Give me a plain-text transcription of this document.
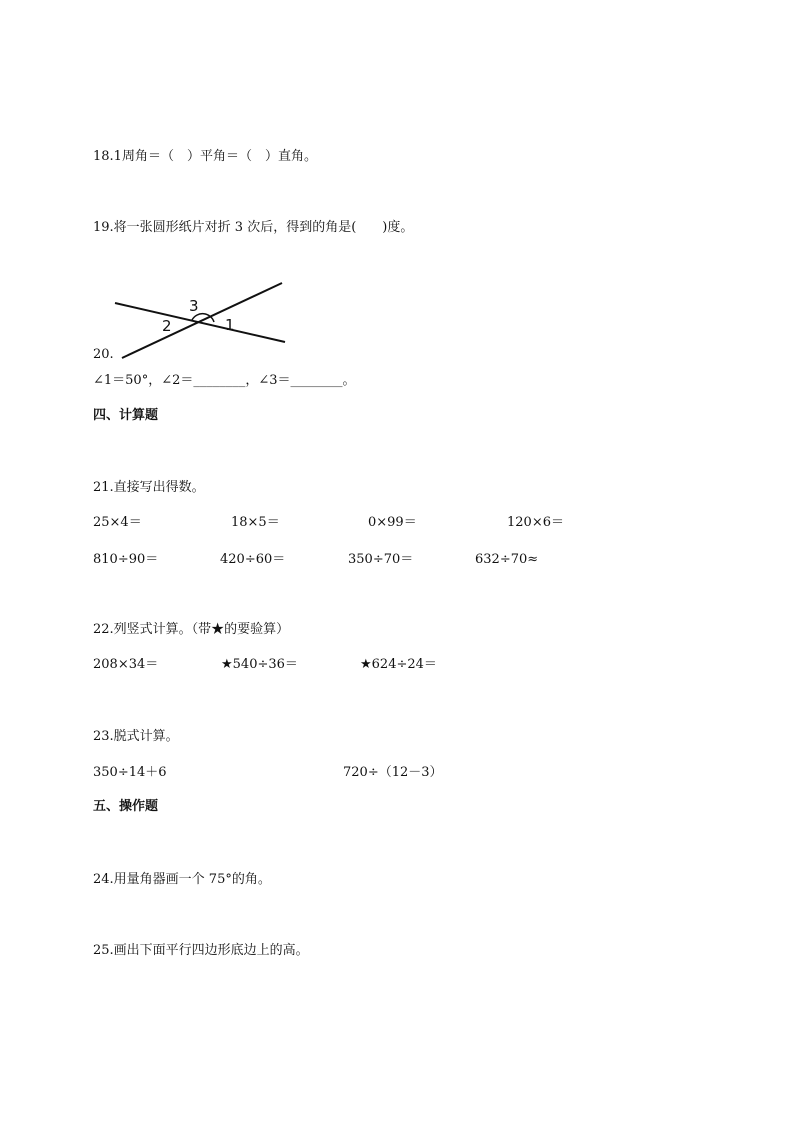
18.1周角＝（　）平角＝（　）直角。
19.将一张圆形纸片对折 3 次后，得到的角是(　　)度。
3
2	1
20.
∠1＝50°，∠2＝________，∠3＝________。
四、计算题
21.直接写出得数。
25×4＝	18×5＝	0×99＝	120×6＝
810÷90＝	420÷60＝	350÷70＝	632÷70≈
22.列竖式计算。（带★的要验算）
208×34＝	★540÷36＝	★624÷24＝
23.脱式计算。
350÷14＋6	720÷（12－3）
五、操作题
24.用量角器画一个 75°的角。
25.画出下面平行四边形底边上的高。
